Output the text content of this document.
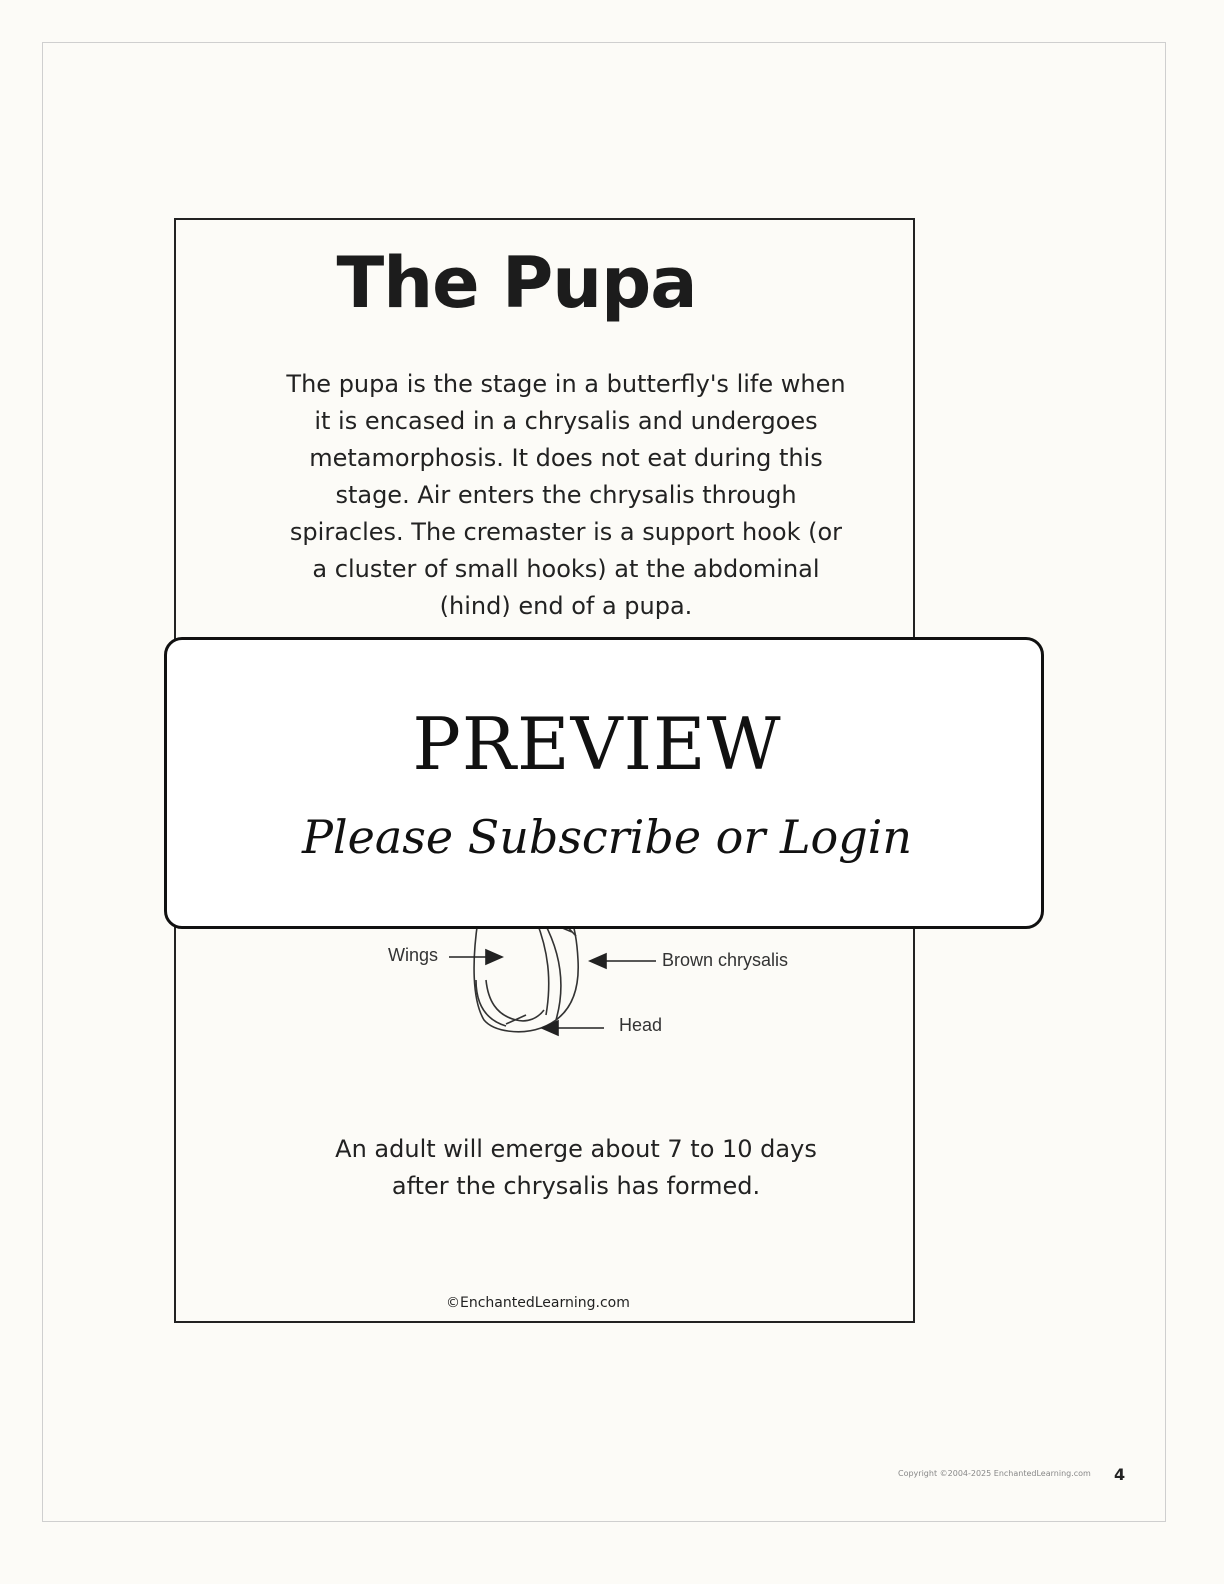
The Pupa
The pupa is the stage in a butterfly's life when it is encased in a chrysalis and undergoes metamorphosis. It does not eat during this stage. Air enters the chrysalis through spiracles. The cremaster is a support hook (or a cluster of small hooks) at the abdominal (hind) end of a pupa.
Wings	Brown chrysalis
Head
An adult will emerge about 7 to 10 days after the chrysalis has formed.
©EnchantedLearning.com
PREVIEW
Please Subscribe or Login
Copyright ©2004-2025 EnchantedLearning.com 4
